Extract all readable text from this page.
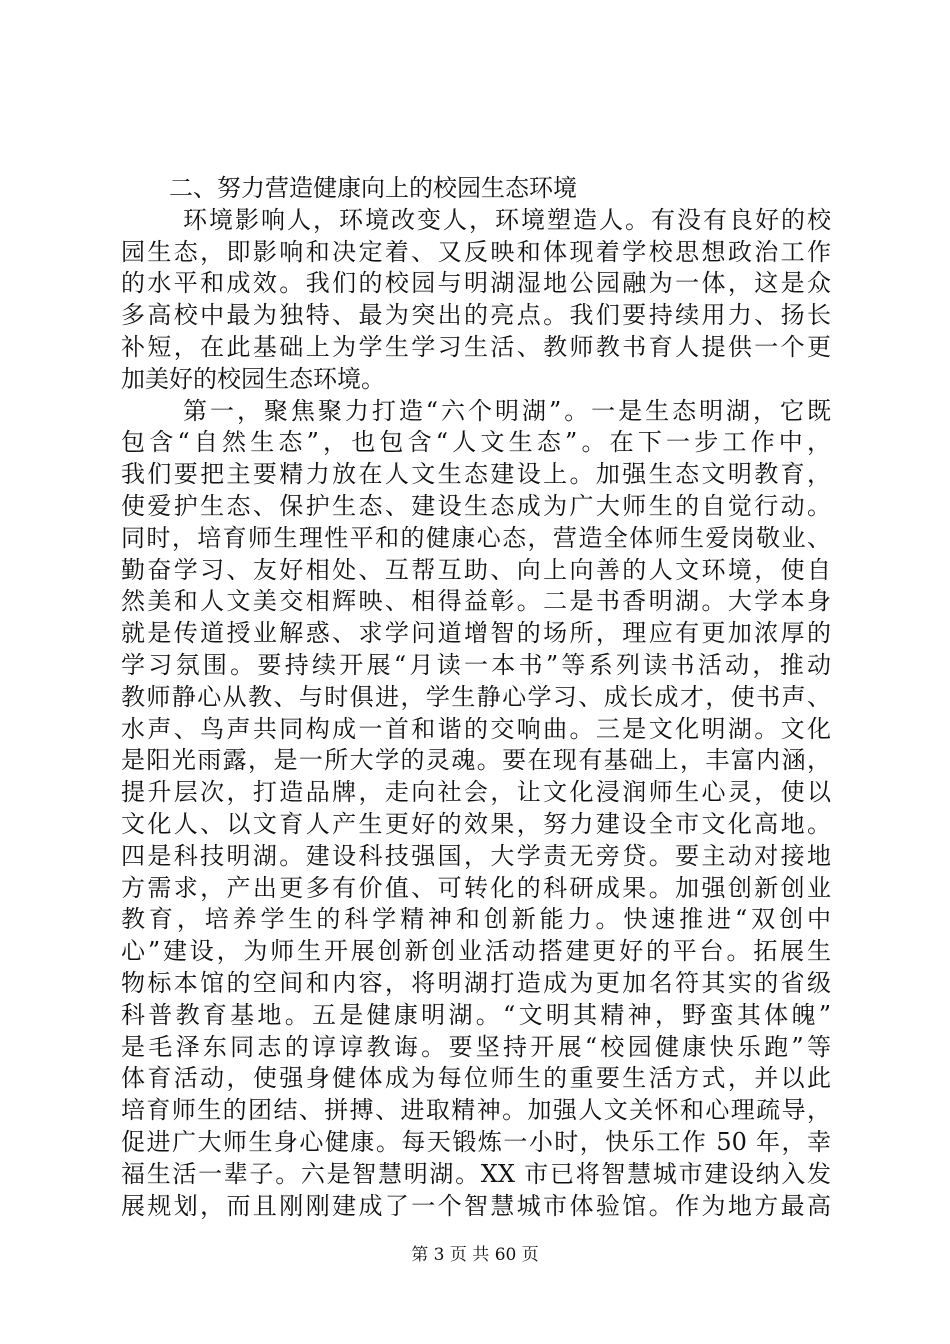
二、努力营造健康向上的校园生态环境
环境影响人，环境改变人，环境塑造人。有没有良好的校
园生态，即影响和决定着、又反映和体现着学校思想政治工作
的水平和成效。我们的校园与明湖湿地公园融为一体，这是众
多高校中最为独特、最为突出的亮点。我们要持续用力、扬长
补短，在此基础上为学生学习生活、教师教书育人提供一个更
加美好的校园生态环境。
第一，聚焦聚力打造“六个明湖”。一是生态明湖，它既
包含“自然生态”，也包含“人文生态”。在下一步工作中，
我们要把主要精力放在人文生态建设上。加强生态文明教育，
使爱护生态、保护生态、建设生态成为广大师生的自觉行动。
同时，培育师生理性平和的健康心态，营造全体师生爱岗敬业、
勤奋学习、友好相处、互帮互助、向上向善的人文环境，使自
然美和人文美交相辉映、相得益彰。二是书香明湖。大学本身
就是传道授业解惑、求学问道增智的场所，理应有更加浓厚的
学习氛围。要持续开展“月读一本书”等系列读书活动，推动
教师静心从教、与时俱进，学生静心学习、成长成才，使书声、
水声、鸟声共同构成一首和谐的交响曲。三是文化明湖。文化
是阳光雨露，是一所大学的灵魂。要在现有基础上，丰富内涵，
提升层次，打造品牌，走向社会，让文化浸润师生心灵，使以
文化人、以文育人产生更好的效果，努力建设全市文化高地。
四是科技明湖。建设科技强国，大学责无旁贷。要主动对接地
方需求，产出更多有价值、可转化的科研成果。加强创新创业
教育，培养学生的科学精神和创新能力。快速推进“双创中
心”建设，为师生开展创新创业活动搭建更好的平台。拓展生
物标本馆的空间和内容，将明湖打造成为更加名符其实的省级
科普教育基地。五是健康明湖。“文明其精神，野蛮其体魄”
是毛泽东同志的谆谆教诲。要坚持开展“校园健康快乐跑”等
体育活动，使强身健体成为每位师生的重要生活方式，并以此
培育师生的团结、拼搏、进取精神。加强人文关怀和心理疏导，
促进广大师生身心健康。每天锻炼一小时，快乐工作 50 年，幸
福生活一辈子。六是智慧明湖。XX 市已将智慧城市建设纳入发
展规划，而且刚刚建成了一个智慧城市体验馆。作为地方最高
第 3 页 共 60 页
